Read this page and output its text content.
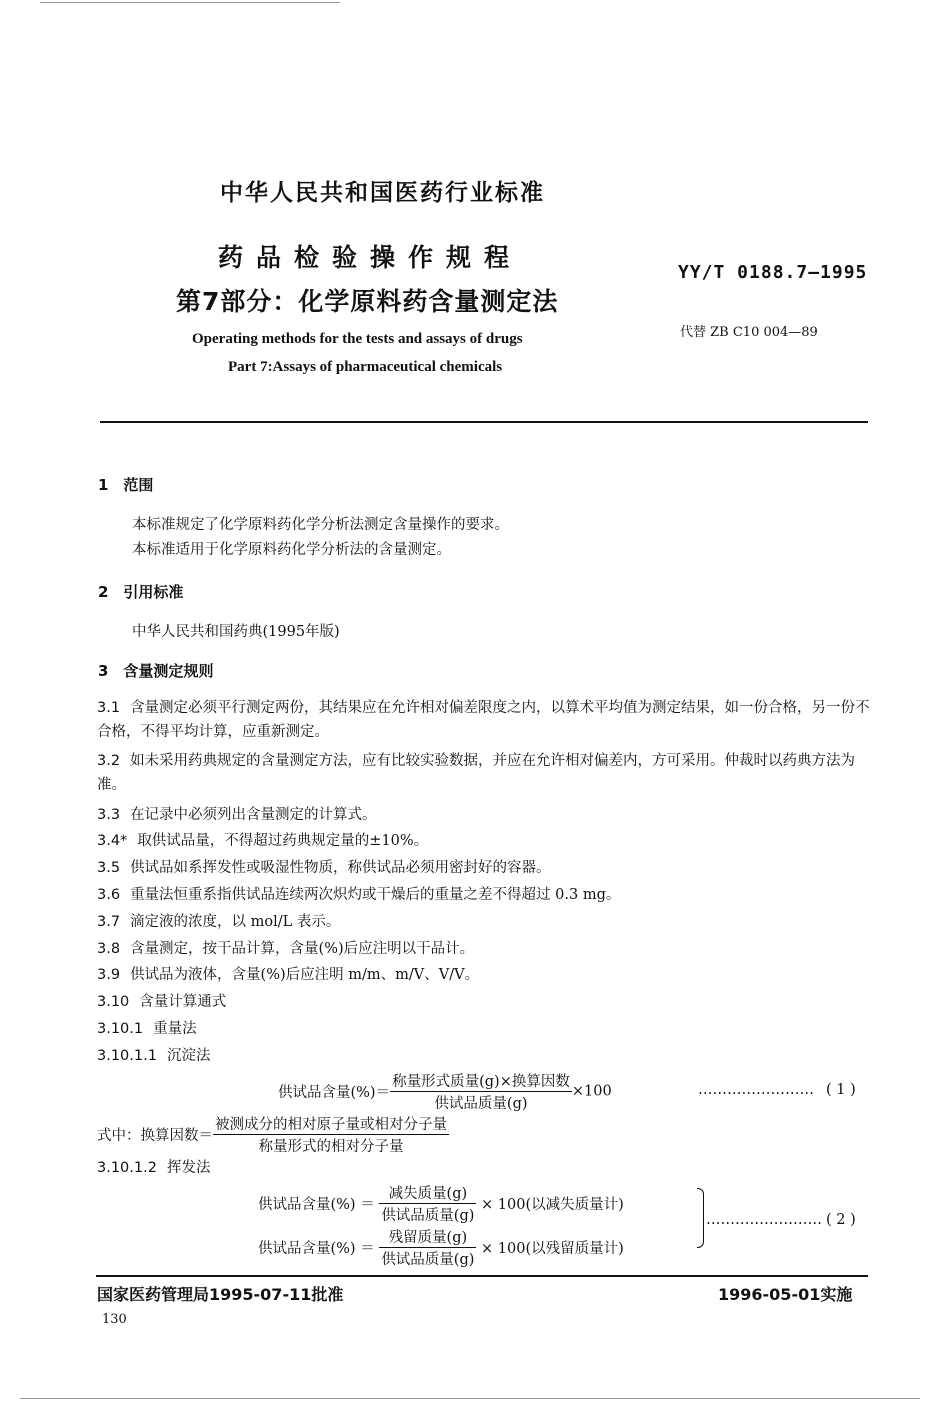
中华人民共和国医药行业标准
药品检验操作规程
第7部分：化学原料药含量测定法
YY/T 0188.7—1995
代替 ZB C10 004—89
Operating methods for the tests and assays of drugs
Part 7:Assays of pharmaceutical chemicals
1　范围
本标准规定了化学原料药化学分析法测定含量操作的要求。
本标准适用于化学原料药化学分析法的含量测定。
2　引用标准
中华人民共和国药典(1995年版)
3　含量测定规则
3.1 含量测定必须平行测定两份，其结果应在允许相对偏差限度之内，以算术平均值为测定结果，如一份合格，另一份不合格，不得平均计算，应重新测定。
3.2 如未采用药典规定的含量测定方法，应有比较实验数据，并应在允许相对偏差内，方可采用。仲裁时以药典方法为准。
3.3 在记录中必须列出含量测定的计算式。
3.4* 取供试品量，不得超过药典规定量的±10%。
3.5 供试品如系挥发性或吸湿性物质，称供试品必须用密封好的容器。
3.6 重量法恒重系指供试品连续两次炽灼或干燥后的重量之差不得超过 0.3 mg。
3.7 滴定液的浓度，以 mol/L 表示。
3.8 含量测定，按干品计算，含量(%)后应注明以干品计。
3.9 供试品为液体，含量(%)后应注明 m/m、m/V、V/V。
3.10 含量计算通式
3.10.1 重量法
3.10.1.1 沉淀法
供试品含量(%)＝ $\frac{\text{称量形式质量(g)×换算因数}}{\text{供试品质量(g)}} \times 100$	…………………… ( 1 )
式中：换算因数＝ $\frac{\text{被测成分的相对原子量或相对分子量}}{\text{称量形式的相对分子量}}$
3.10.1.2 挥发法
供试品含量(%) ＝ $\frac{\text{减失质量(g)}}{\text{供试品质量(g)}} \times 100$(以减失质量计)
供试品含量(%) ＝ $\frac{\text{残留质量(g)}}{\text{供试品质量(g)}} \times 100$(以残留质量计)
…………………… ( 2 )
国家医药管理局1995-07-11批准	1996-05-01实施
130
